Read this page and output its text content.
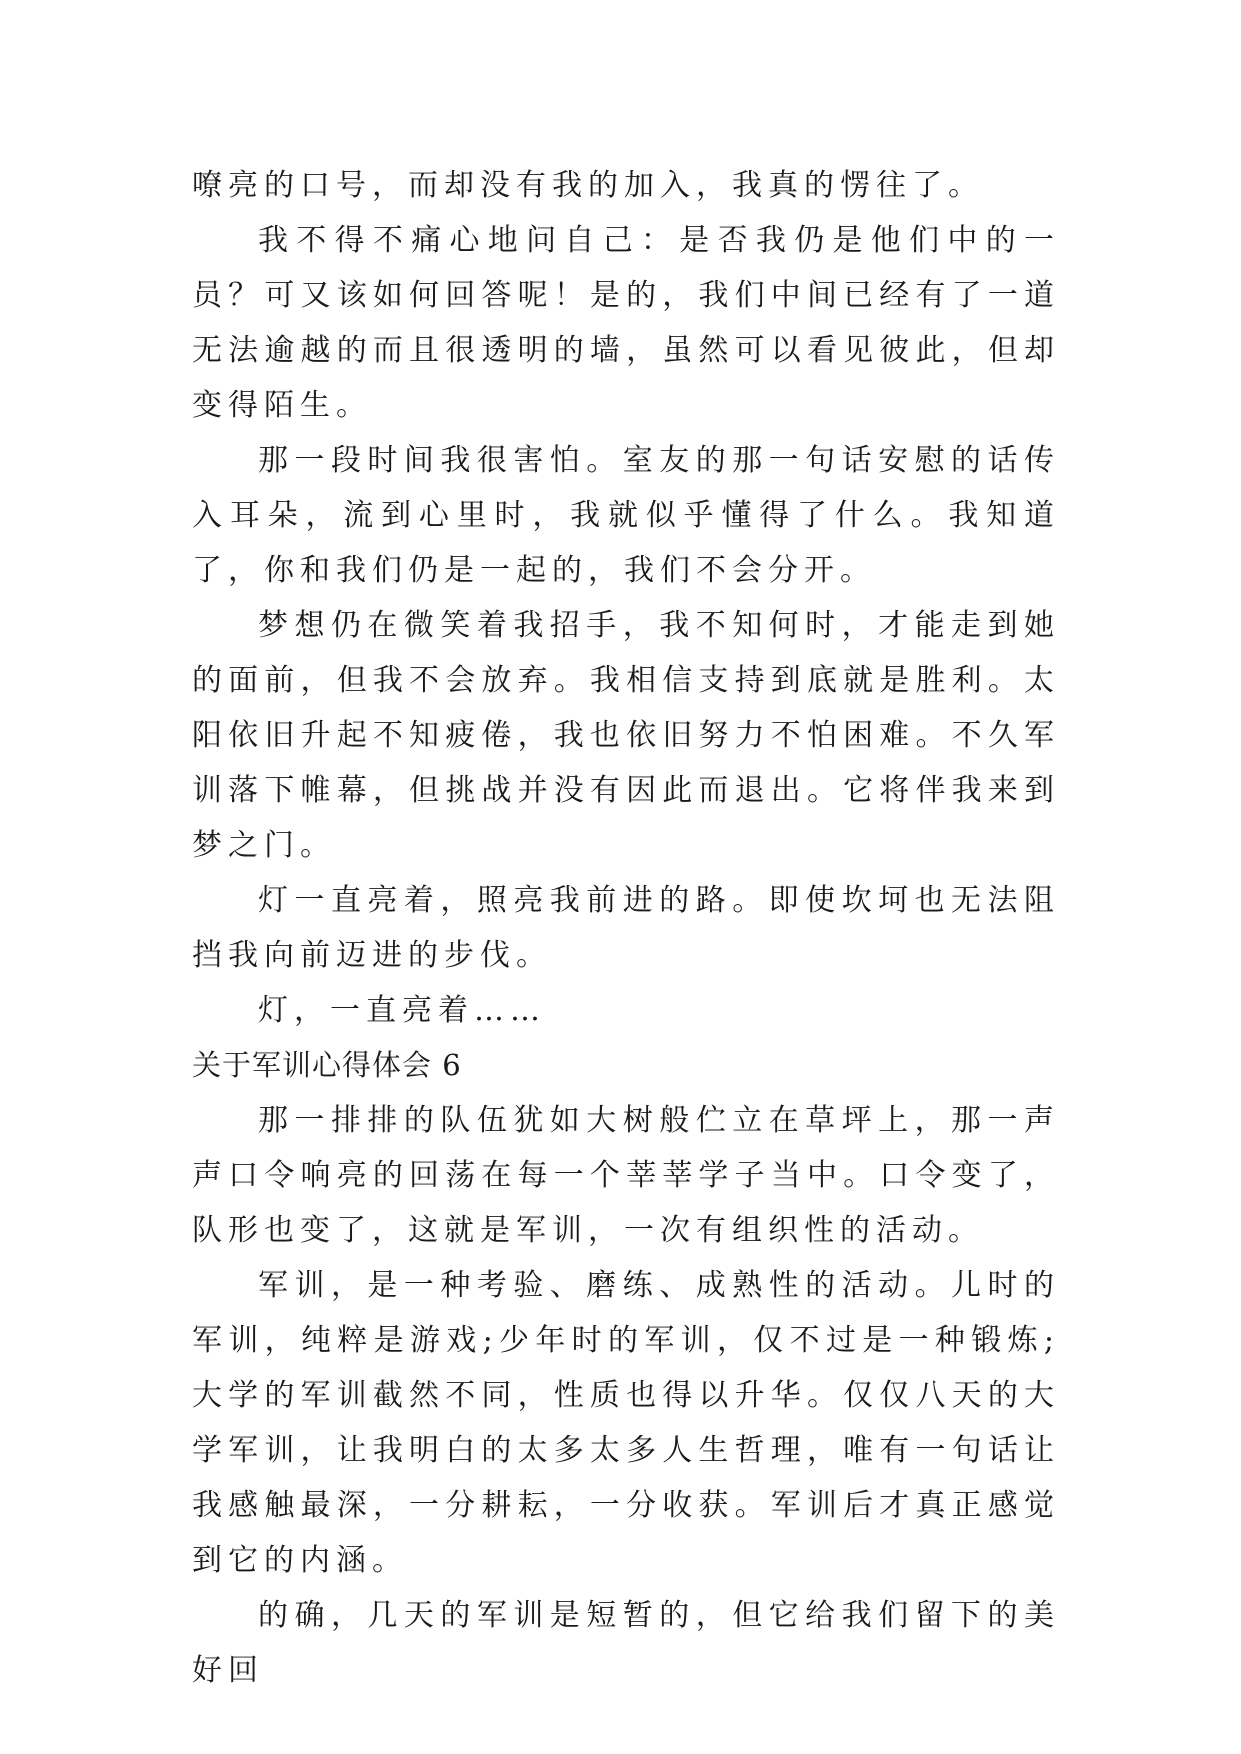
嘹亮的口号，而却没有我的加入，我真的愣往了。

我不得不痛心地问自己：是否我仍是他们中的一员？可又该如何回答呢！是的，我们中间已经有了一道无法逾越的而且很透明的墙，虽然可以看见彼此，但却变得陌生。

那一段时间我很害怕。室友的那一句话安慰的话传入耳朵，流到心里时，我就似乎懂得了什么。我知道了，你和我们仍是一起的，我们不会分开。

梦想仍在微笑着我招手，我不知何时，才能走到她的面前，但我不会放弃。我相信支持到底就是胜利。太阳依旧升起不知疲倦，我也依旧努力不怕困难。不久军训落下帷幕，但挑战并没有因此而退出。它将伴我来到梦之门。

灯一直亮着，照亮我前进的路。即使坎坷也无法阻挡我向前迈进的步伐。

灯，一直亮着……

关于军训心得体会 6

那一排排的队伍犹如大树般伫立在草坪上，那一声声口令响亮的回荡在每一个莘莘学子当中。口令变了，队形也变了，这就是军训，一次有组织性的活动。

军训，是一种考验、磨练、成熟性的活动。儿时的军训，纯粹是游戏;少年时的军训，仅不过是一种锻炼;大学的军训截然不同，性质也得以升华。仅仅八天的大学军训，让我明白的太多太多人生哲理，唯有一句话让我感触最深，一分耕耘，一分收获。军训后才真正感觉到它的内涵。

的确，几天的军训是短暂的，但它给我们留下的美好回
